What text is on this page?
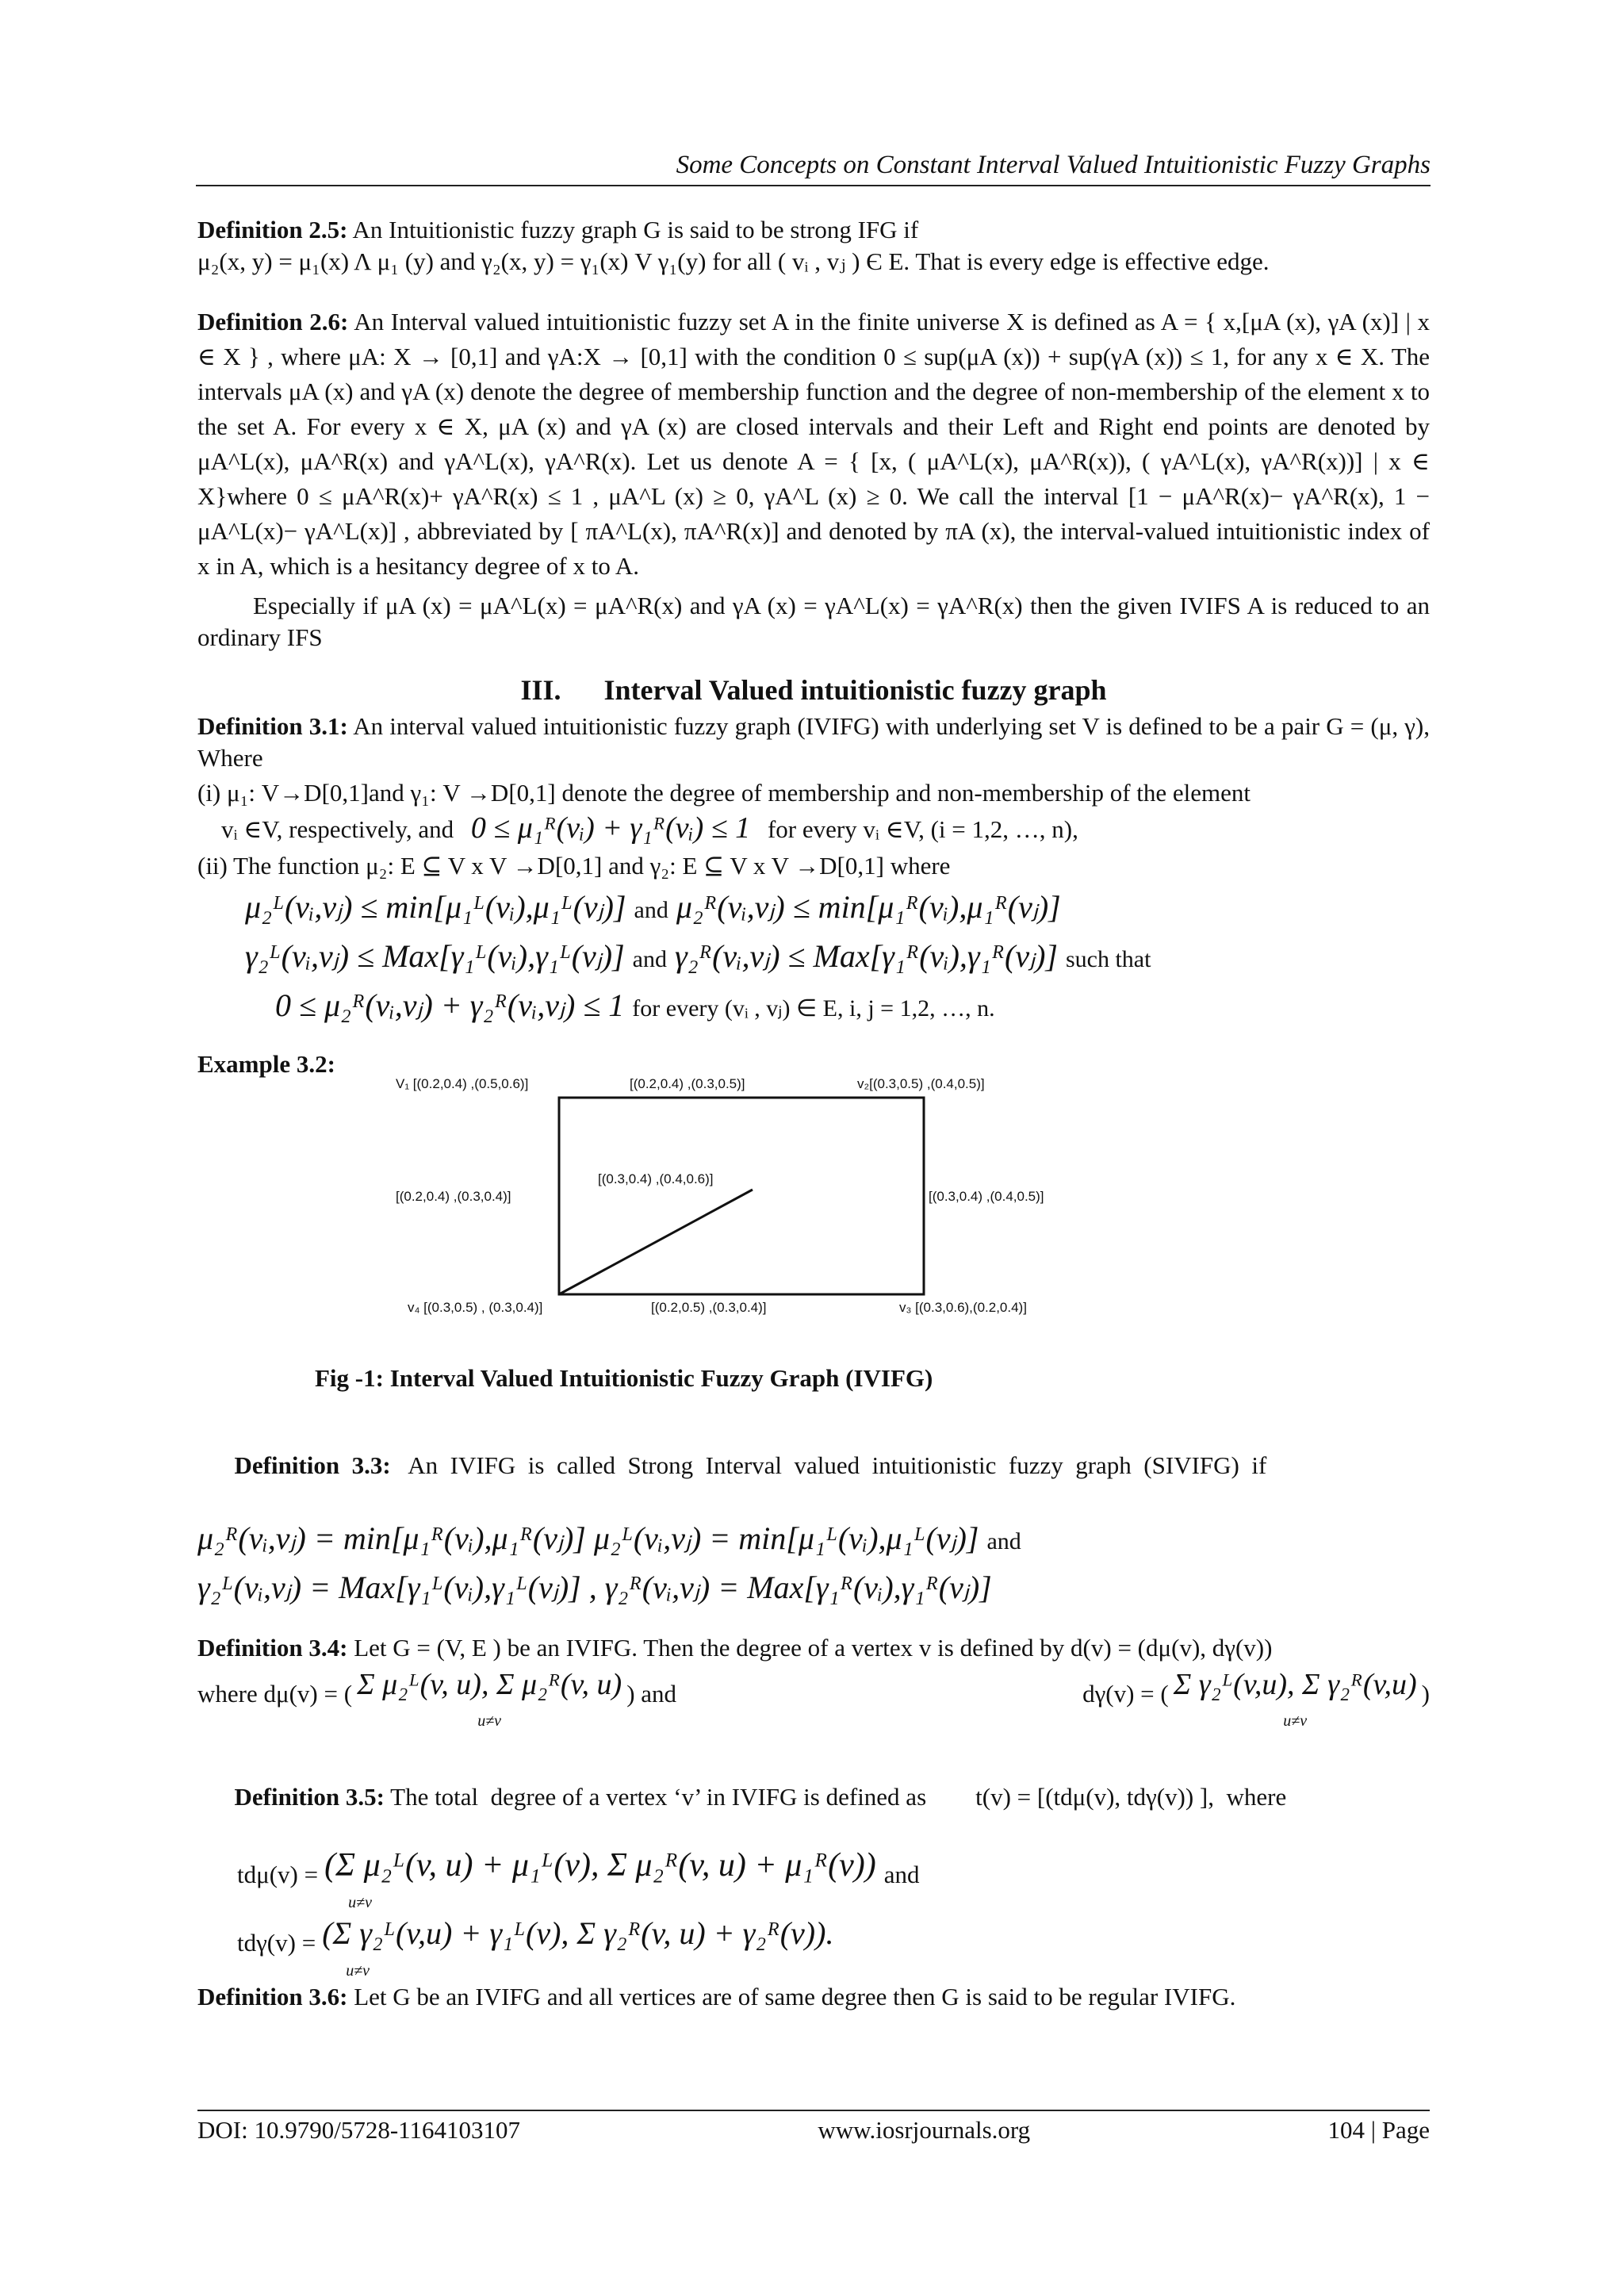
Some Concepts on Constant Interval Valued Intuitionistic Fuzzy Graphs
Definition 2.5: An Intuitionistic fuzzy graph G is said to be strong IFG if
μ₂(x, y) = μ₁(x) Λ μ₁ (y) and γ₂(x, y) = γ₁(x) V γ₁(y) for all ( vᵢ , vⱼ ) Є E. That is every edge is effective edge.
Definition 2.6: An Interval valued intuitionistic fuzzy set A in the finite universe X is defined as A = { x,[μA (x), γA (x)] | x ∈ X } , where μA: X → [0,1] and γA:X → [0,1] with the condition 0 ≤ sup(μA (x)) + sup(γA (x)) ≤ 1, for any x ∈ X. The intervals μA (x) and γA (x) denote the degree of membership function and the degree of non-membership of the element x to the set A. For every x ∈ X, μA (x) and γA (x) are closed intervals and their Left and Right end points are denoted by μA^L(x), μA^R(x) and γA^L(x), γA^R(x). Let us denote A = { [x, ( μA^L(x), μA^R(x)), ( γA^L(x), γA^R(x))] | x ∈ X}where 0 ≤ μA^R(x)+ γA^R(x) ≤ 1 , μA^L (x) ≥ 0, γA^L (x) ≥ 0. We call the interval [1 − μA^R(x)− γA^R(x), 1 − μA^L(x)− γA^L(x)] , abbreviated by [ πA^L(x), πA^R(x)] and denoted by πA (x), the interval-valued intuitionistic index of x in A, which is a hesitancy degree of x to A.
Especially if μA (x) = μA^L(x) = μA^R(x) and γA (x) = γA^L(x) = γA^R(x) then the given IVIFS A is reduced to an ordinary IFS
III.      Interval Valued intuitionistic fuzzy graph
Definition 3.1: An interval valued intuitionistic fuzzy graph (IVIFG) with underlying set V is defined to be a pair G = (μ, γ), Where
(i) μ₁: V→D[0,1]and γ₁: V →D[0,1] denote the degree of membership and non-membership of the element
vᵢ ∈V, respectively, and 0 ≤ μ₁ᴿ(vᵢ) + γ₁ᴿ(vᵢ) ≤ 1 for every vᵢ ∈V, (i = 1,2, …, n),
(ii) The function μ₂: E ⊆ V x V →D[0,1] and γ₂: E ⊆ V x V →D[0,1] where
μ₂ᴸ(vᵢ,vⱼ) ≤ min[μ₁ᴸ(vᵢ),μ₁ᴸ(vⱼ)] and μ₂ᴿ(vᵢ,vⱼ) ≤ min[μ₁ᴿ(vᵢ),μ₁ᴿ(vⱼ)]
γ₂ᴸ(vᵢ,vⱼ) ≤ Max[γ₁ᴸ(vᵢ),γ₁ᴸ(vⱼ)] and γ₂ᴿ(vᵢ,vⱼ) ≤ Max[γ₁ᴿ(vᵢ),γ₁ᴿ(vⱼ)] such that
0 ≤ μ₂ᴿ(vᵢ,vⱼ) + γ₂ᴿ(vᵢ,vⱼ) ≤ 1 for every (vᵢ , vⱼ) ∈ E, i, j = 1,2, …, n.
Example 3.2:
V₁ [(0.2,0.4) ,(0.5,0.6)]	[(0.2,0.4) ,(0.3,0.5)]	v₂[(0.3,0.5) ,(0.4,0.5)]
[(0.3,0.4) ,(0.4,0.6)]
[(0.2,0.4) ,(0.3,0.4)]	[(0.3,0.4) ,(0.4,0.5)]
v₄ [(0.3,0.5) , (0.3,0.4)]	[(0.2,0.5) ,(0.3,0.4)]	v₃ [(0.3,0.6),(0.2,0.4)]
Fig -1: Interval Valued Intuitionistic Fuzzy Graph (IVIFG)

Definition  3.3:   An  IVIFG  is  called  Strong  Interval  valued  intuitionistic  fuzzy  graph  (SIVIFG)  if

μ₂ᴿ(vᵢ,vⱼ) = min[μ₁ᴿ(vᵢ),μ₁ᴿ(vⱼ)] μ₂ᴸ(vᵢ,vⱼ) = min[μ₁ᴸ(vᵢ),μ₁ᴸ(vⱼ)] and
γ₂ᴸ(vᵢ,vⱼ) = Max[γ₁ᴸ(vᵢ),γ₁ᴸ(vⱼ)] , γ₂ᴿ(vᵢ,vⱼ) = Max[γ₁ᴿ(vᵢ),γ₁ᴿ(vⱼ)]
Definition 3.4: Let G = (V, E ) be an IVIFG. Then the degree of a vertex v is defined by d(v) = (dμ(v), dγ(v))
where dμ(v) = ( Σ μ₂ᴸ(v, u), Σ μ₂ᴿ(v, u)
u≠v
) and	dγ(v) = ( Σ γ₂ᴸ(v,u), Σ γ₂ᴿ(v,u)
u≠v
)

Definition 3.5: The total  degree of a vertex ‘v’ in IVIFG is defined as        t(v) = [(tdμ(v), tdγ(v)) ],  where

tdμ(v) = (Σ μ₂ᴸ(v, u) + μ₁ᴸ(v), Σ μ₂ᴿ(v, u) + μ₁ᴿ(v))
u≠v
and
tdγ(v) = (Σ γ₂ᴸ(v,u) + γ₁ᴸ(v), Σ γ₂ᴿ(v, u) + γ₂ᴿ(v)).
u≠v
Definition 3.6: Let G be an IVIFG and all vertices are of same degree then G is said to be regular IVIFG.
DOI: 10.9790/5728-1164103107	www.iosrjournals.org	104 | Page
